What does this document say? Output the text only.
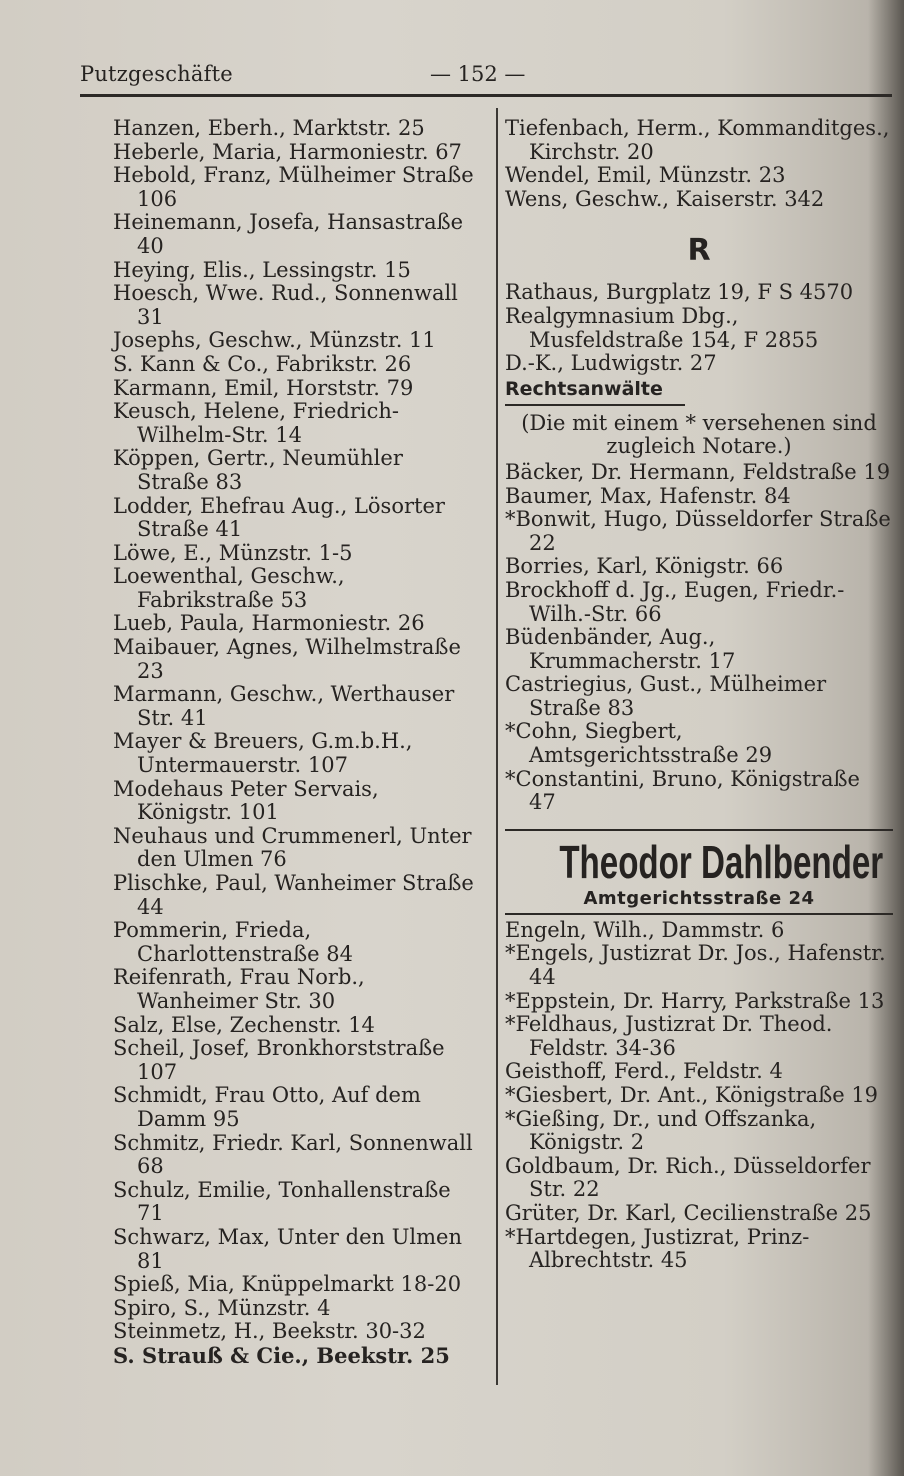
Putzgeschäfte	— 152 —
Hanzen, Eberh., Marktstr. 25
Heberle, Maria, Harmoniestr. 67
Hebold, Franz, Mülheimer Straße 106
Heinemann, Josefa, Hansastraße 40
Heying, Elis., Lessingstr. 15
Hoesch, Wwe. Rud., Sonnenwall 31
Josephs, Geschw., Münzstr. 11
S. Kann & Co., Fabrikstr. 26
Karmann, Emil, Horststr. 79
Keusch, Helene, Friedrich-Wilhelm-Str. 14
Köppen, Gertr., Neumühler Straße 83
Lodder, Ehefrau Aug., Lösorter Straße 41
Löwe, E., Münzstr. 1-5
Loewenthal, Geschw., Fabrikstraße 53
Lueb, Paula, Harmoniestr. 26
Maibauer, Agnes, Wilhelmstraße 23
Marmann, Geschw., Werthauser Str. 41
Mayer & Breuers, G.m.b.H., Untermauerstr. 107
Modehaus Peter Servais, Königstr. 101
Neuhaus und Crummenerl, Unter den Ulmen 76
Plischke, Paul, Wanheimer Straße 44
Pommerin, Frieda, Charlottenstraße 84
Reifenrath, Frau Norb., Wanheimer Str. 30
Salz, Else, Zechenstr. 14
Scheil, Josef, Bronkhorststraße 107
Schmidt, Frau Otto, Auf dem Damm 95
Schmitz, Friedr. Karl, Sonnenwall 68
Schulz, Emilie, Tonhallenstraße 71
Schwarz, Max, Unter den Ulmen 81
Spieß, Mia, Knüppelmarkt 18-20
Spiro, S., Münzstr. 4
Steinmetz, H., Beekstr. 30-32
S. Strauß & Cie., Beekstr. 25
Tiefenbach, Herm., Kommanditges., Kirchstr. 20
Wendel, Emil, Münzstr. 23
Wens, Geschw., Kaiserstr. 342
R
Rathaus, Burgplatz 19, F S 4570
Realgymnasium Dbg., Musfeldstraße 154, F 2855
D.-K., Ludwigstr. 27
Rechtsanwälte
(Die mit einem * versehenen sind zugleich Notare.)
Bäcker, Dr. Hermann, Feldstraße 19
Baumer, Max, Hafenstr. 84
*Bonwit, Hugo, Düsseldorfer Straße 22
Borries, Karl, Königstr. 66
Brockhoff d. Jg., Eugen, Friedr.-Wilh.-Str. 66
Büdenbänder, Aug., Krummacherstr. 17
Castriegius, Gust., Mülheimer Straße 83
*Cohn, Siegbert, Amtsgerichtsstraße 29
*Constantini, Bruno, Königstraße 47
Theodor Dahlbender
Amtgerichtsstraße 24
Engeln, Wilh., Dammstr. 6
*Engels, Justizrat Dr. Jos., Hafenstr. 44
*Eppstein, Dr. Harry, Parkstraße 13
*Feldhaus, Justizrat Dr. Theod. Feldstr. 34-36
Geisthoff, Ferd., Feldstr. 4
*Giesbert, Dr. Ant., Königstraße 19
*Gießing, Dr., und Offszanka, Königstr. 2
Goldbaum, Dr. Rich., Düsseldorfer Str. 22
Grüter, Dr. Karl, Cecilienstraße 25
*Hartdegen, Justizrat, Prinz-Albrechtstr. 45
